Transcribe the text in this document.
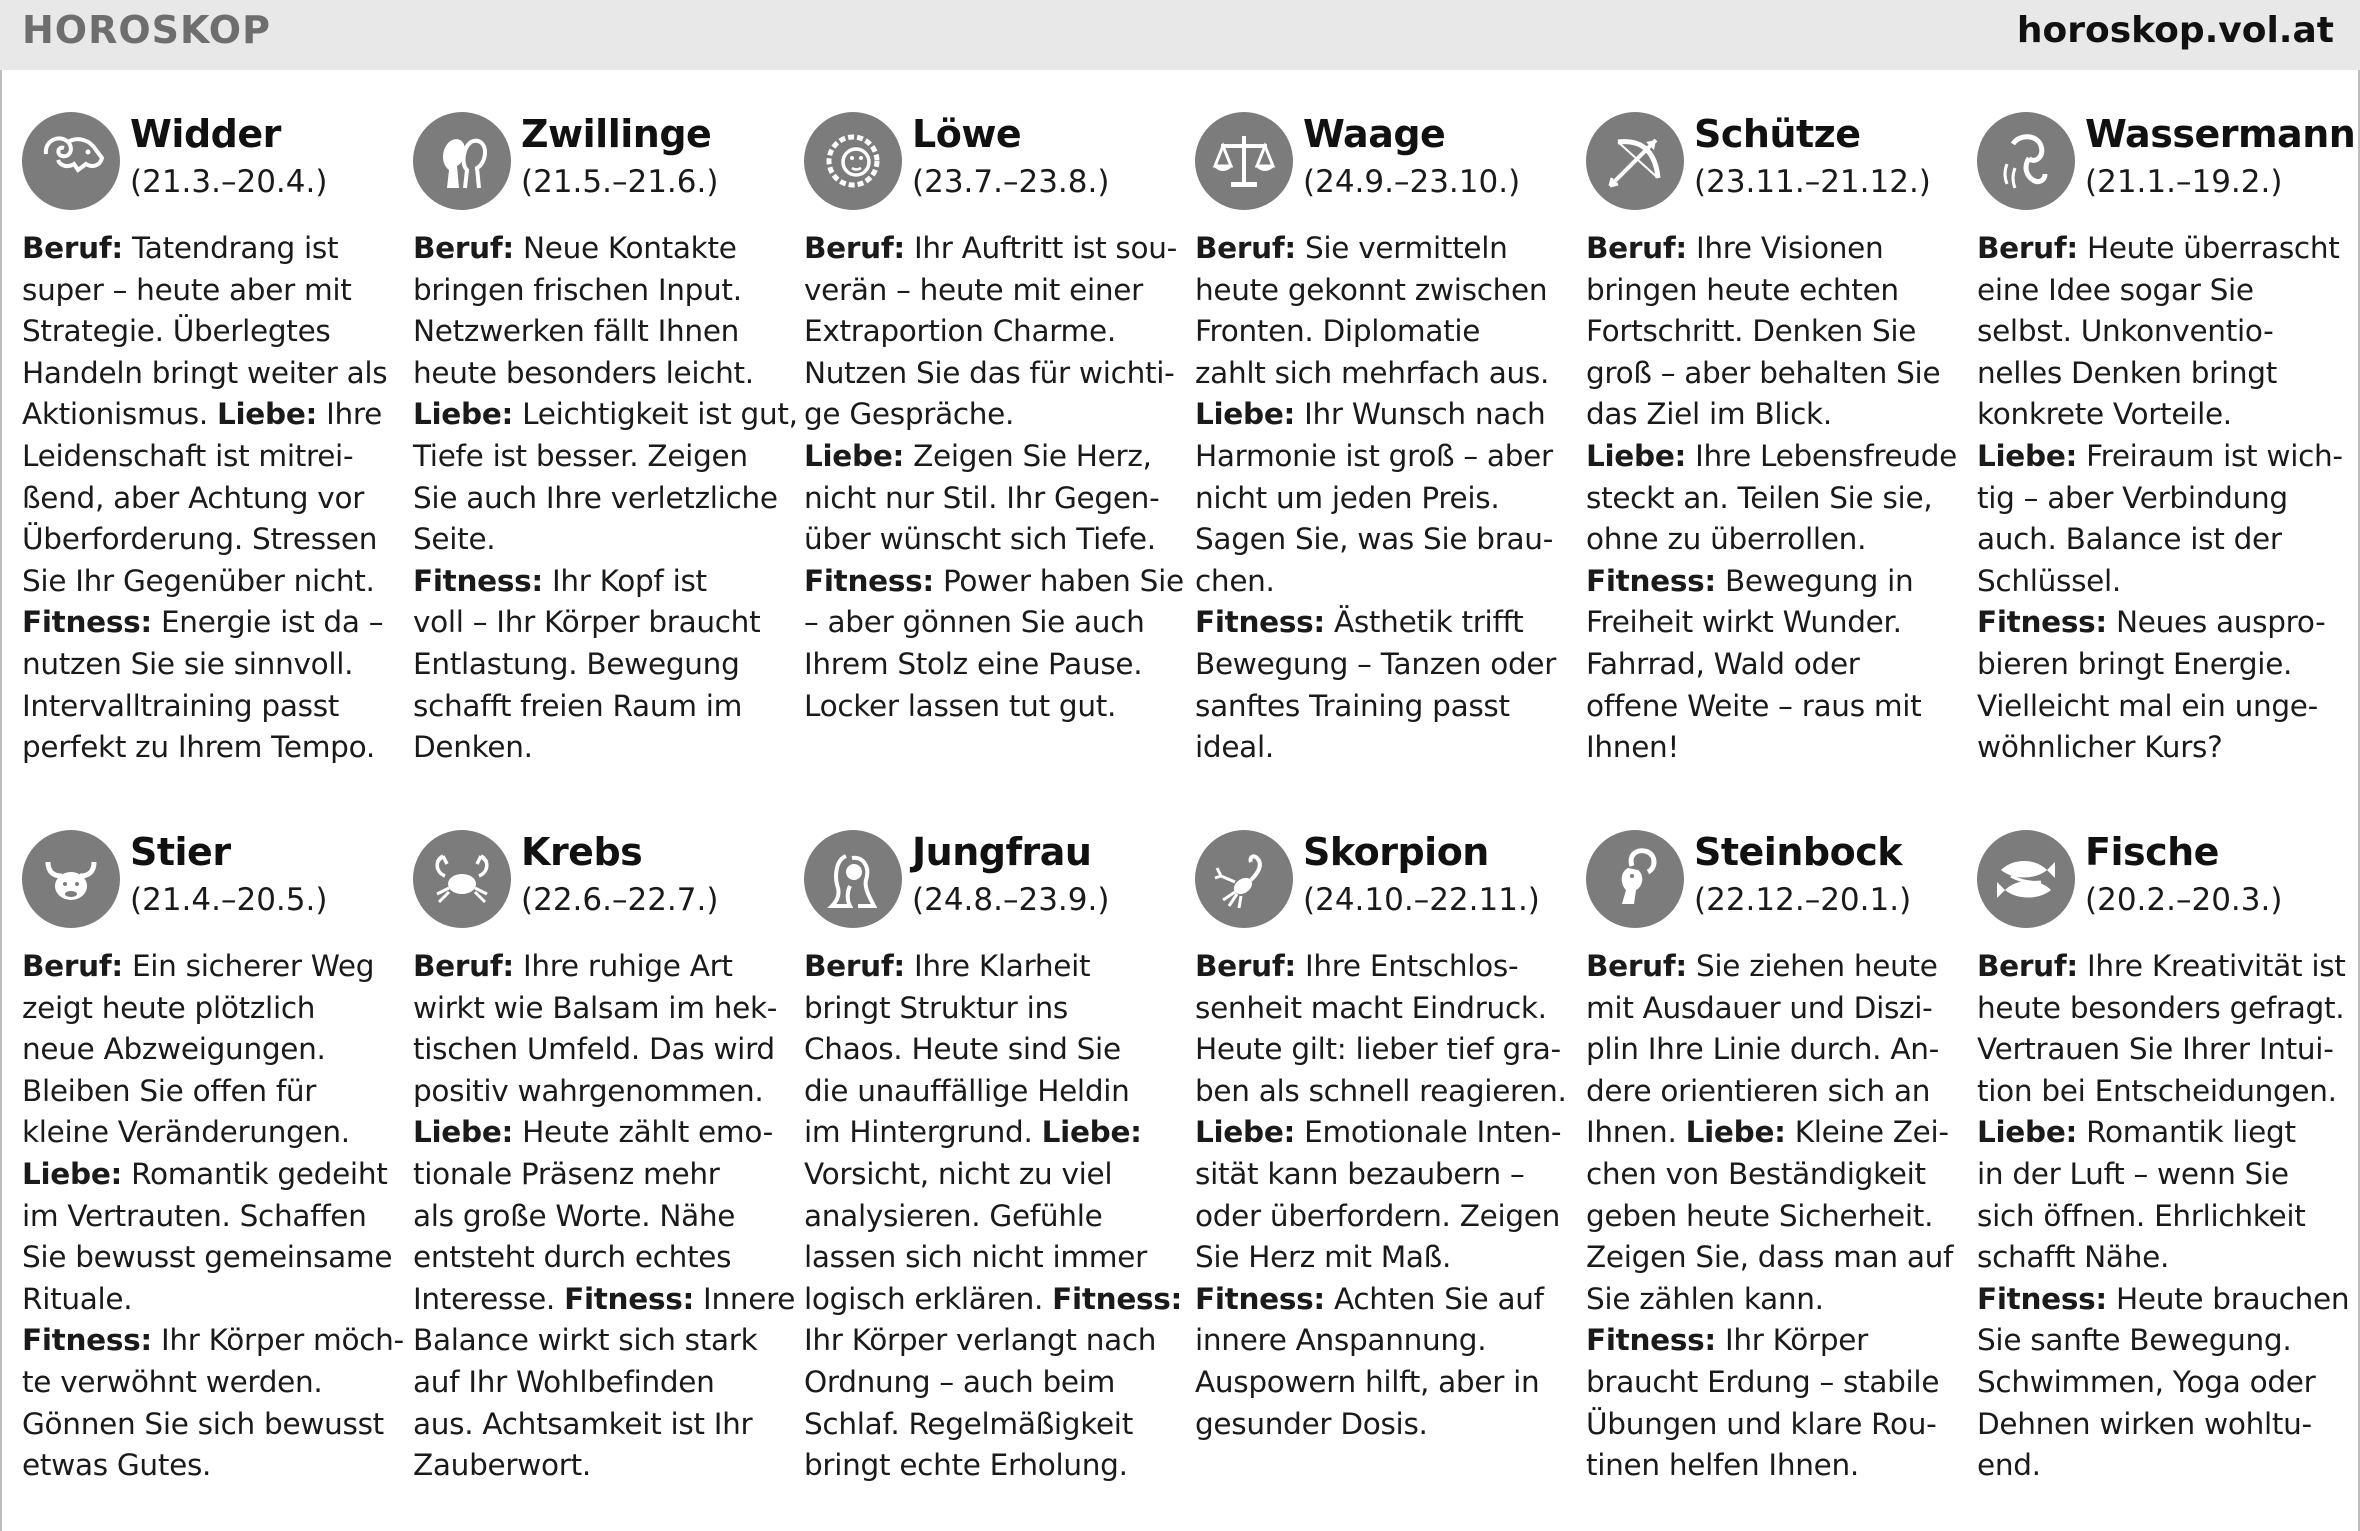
HOROSKOP	horoskop.vol.at
Widder
(21.3.–20.4.)
Beruf: Tatendrang ist
super – heute aber mit
Strategie. Überlegtes
Handeln bringt weiter als
Aktionismus. Liebe: Ihre
Leidenschaft ist mitrei-
ßend, aber Achtung vor
Überforderung. Stressen
Sie Ihr Gegenüber nicht.
Fitness: Energie ist da –
nutzen Sie sie sinnvoll.
Intervalltraining passt
perfekt zu Ihrem Tempo.
Zwillinge
(21.5.–21.6.)
Beruf: Neue Kontakte
bringen frischen Input.
Netzwerken fällt Ihnen
heute besonders leicht.
Liebe: Leichtigkeit ist gut,
Tiefe ist besser. Zeigen
Sie auch Ihre verletzliche
Seite.
Fitness: Ihr Kopf ist
voll – Ihr Körper braucht
Entlastung. Bewegung
schafft freien Raum im
Denken.
Löwe
(23.7.–23.8.)
Beruf: Ihr Auftritt ist sou-
verän – heute mit einer
Extraportion Charme.
Nutzen Sie das für wichti-
ge Gespräche.
Liebe: Zeigen Sie Herz,
nicht nur Stil. Ihr Gegen-
über wünscht sich Tiefe.
Fitness: Power haben Sie
– aber gönnen Sie auch
Ihrem Stolz eine Pause.
Locker lassen tut gut.
Waage
(24.9.–23.10.)
Beruf: Sie vermitteln
heute gekonnt zwischen
Fronten. Diplomatie
zahlt sich mehrfach aus.
Liebe: Ihr Wunsch nach
Harmonie ist groß – aber
nicht um jeden Preis.
Sagen Sie, was Sie brau-
chen.
Fitness: Ästhetik trifft
Bewegung – Tanzen oder
sanftes Training passt
ideal.
Schütze
(23.11.–21.12.)
Beruf: Ihre Visionen
bringen heute echten
Fortschritt. Denken Sie
groß – aber behalten Sie
das Ziel im Blick.
Liebe: Ihre Lebensfreude
steckt an. Teilen Sie sie,
ohne zu überrollen.
Fitness: Bewegung in
Freiheit wirkt Wunder.
Fahrrad, Wald oder
offene Weite – raus mit
Ihnen!
Wassermann
(21.1.–19.2.)
Beruf: Heute überrascht
eine Idee sogar Sie
selbst. Unkonventio-
nelles Denken bringt
konkrete Vorteile.
Liebe: Freiraum ist wich-
tig – aber Verbindung
auch. Balance ist der
Schlüssel.
Fitness: Neues auspro-
bieren bringt Energie.
Vielleicht mal ein unge-
wöhnlicher Kurs?
Stier
(21.4.–20.5.)
Beruf: Ein sicherer Weg
zeigt heute plötzlich
neue Abzweigungen.
Bleiben Sie offen für
kleine Veränderungen.
Liebe: Romantik gedeiht
im Vertrauten. Schaffen
Sie bewusst gemeinsame
Rituale.
Fitness: Ihr Körper möch-
te verwöhnt werden.
Gönnen Sie sich bewusst
etwas Gutes.
Krebs
(22.6.–22.7.)
Beruf: Ihre ruhige Art
wirkt wie Balsam im hek-
tischen Umfeld. Das wird
positiv wahrgenommen.
Liebe: Heute zählt emo-
tionale Präsenz mehr
als große Worte. Nähe
entsteht durch echtes
Interesse. Fitness: Innere
Balance wirkt sich stark
auf Ihr Wohlbefinden
aus. Achtsamkeit ist Ihr
Zauberwort.
Jungfrau
(24.8.–23.9.)
Beruf: Ihre Klarheit
bringt Struktur ins
Chaos. Heute sind Sie
die unauffällige Heldin
im Hintergrund. Liebe:
Vorsicht, nicht zu viel
analysieren. Gefühle
lassen sich nicht immer
logisch erklären. Fitness:
Ihr Körper verlangt nach
Ordnung – auch beim
Schlaf. Regelmäßigkeit
bringt echte Erholung.
Skorpion
(24.10.–22.11.)
Beruf: Ihre Entschlos-
senheit macht Eindruck.
Heute gilt: lieber tief gra-
ben als schnell reagieren.
Liebe: Emotionale Inten-
sität kann bezaubern –
oder überfordern. Zeigen
Sie Herz mit Maß.
Fitness: Achten Sie auf
innere Anspannung.
Auspowern hilft, aber in
gesunder Dosis.
Steinbock
(22.12.–20.1.)
Beruf: Sie ziehen heute
mit Ausdauer und Diszi-
plin Ihre Linie durch. An-
dere orientieren sich an
Ihnen. Liebe: Kleine Zei-
chen von Beständigkeit
geben heute Sicherheit.
Zeigen Sie, dass man auf
Sie zählen kann.
Fitness: Ihr Körper
braucht Erdung – stabile
Übungen und klare Rou-
tinen helfen Ihnen.
Fische
(20.2.–20.3.)
Beruf: Ihre Kreativität ist
heute besonders gefragt.
Vertrauen Sie Ihrer Intui-
tion bei Entscheidungen.
Liebe: Romantik liegt
in der Luft – wenn Sie
sich öffnen. Ehrlichkeit
schafft Nähe.
Fitness: Heute brauchen
Sie sanfte Bewegung.
Schwimmen, Yoga oder
Dehnen wirken wohltu-
end.
